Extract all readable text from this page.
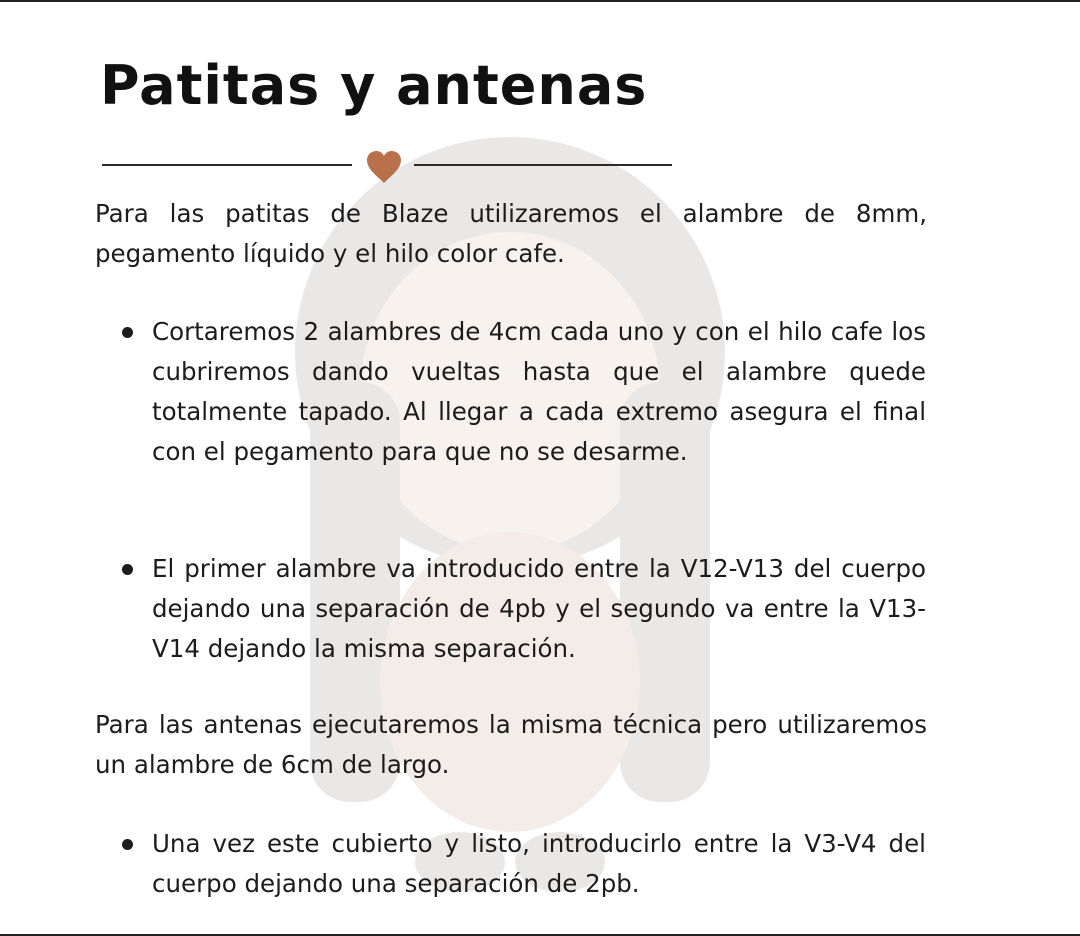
Patitas y antenas

Para las patitas de Blaze utilizaremos el alambre de 8mm, pegamento líquido y el hilo color cafe.

Cortaremos 2 alambres de 4cm cada uno y con el hilo cafe los cubriremos dando vueltas hasta que el alambre quede totalmente tapado. Al llegar a cada extremo asegura el final con el pegamento para que no se desarme.

El primer alambre va introducido entre la V12-V13 del cuerpo dejando una separación de 4pb y el segundo va entre la V13-V14 dejando la misma separación.

Para las antenas ejecutaremos la misma técnica pero utilizaremos un alambre de 6cm de largo.

Una vez este cubierto y listo, introducirlo entre la V3-V4 del cuerpo dejando una separación de 2pb.
